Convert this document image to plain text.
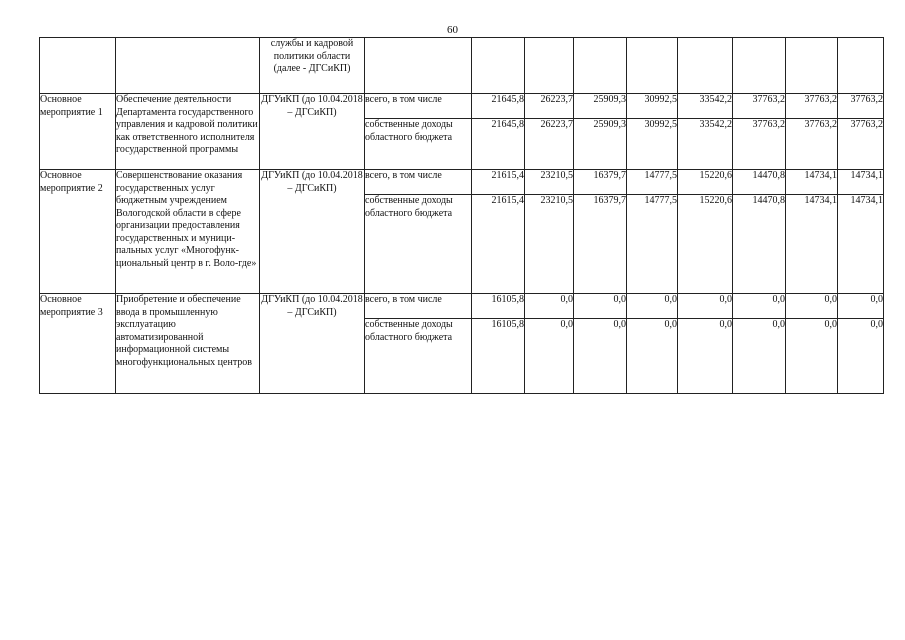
60
		службы и кадровой политики области (далее - ДГСиКП)									
Основное мероприятие 1	Обеспечение деятельности Департамента государственного управления и кадровой политики как ответственного исполнителя государственной программы	ДГУиКП (до 10.04.2018 – ДГСиКП)	всего, в том числе	21645,8	26223,7	25909,3	30992,5	33542,2	37763,2	37763,2	37763,2
			собственные доходы областного бюджета	21645,8	26223,7	25909,3	30992,5	33542,2	37763,2	37763,2	37763,2
Основное мероприятие 2	Совершенствование оказания государственных услуг бюджетным учреждением Вологодской области в сфере организации предоставления государственных и муници-пальных услуг «Многофунк-циональный центр в г. Воло-где»	ДГУиКП (до 10.04.2018 – ДГСиКП)	всего, в том числе	21615,4	23210,5	16379,7	14777,5	15220,6	14470,8	14734,1	14734,1
			собственные доходы областного бюджета	21615,4	23210,5	16379,7	14777,5	15220,6	14470,8	14734,1	14734,1
Основное мероприятие 3	Приобретение и обеспечение ввода в промышленную эксплуатацию автоматизированной информационной системы многофункциональных центров	ДГУиКП (до 10.04.2018 – ДГСиКП)	всего, в том числе	16105,8	0,0	0,0	0,0	0,0	0,0	0,0	0,0
			собственные доходы областного бюджета	16105,8	0,0	0,0	0,0	0,0	0,0	0,0	0,0
